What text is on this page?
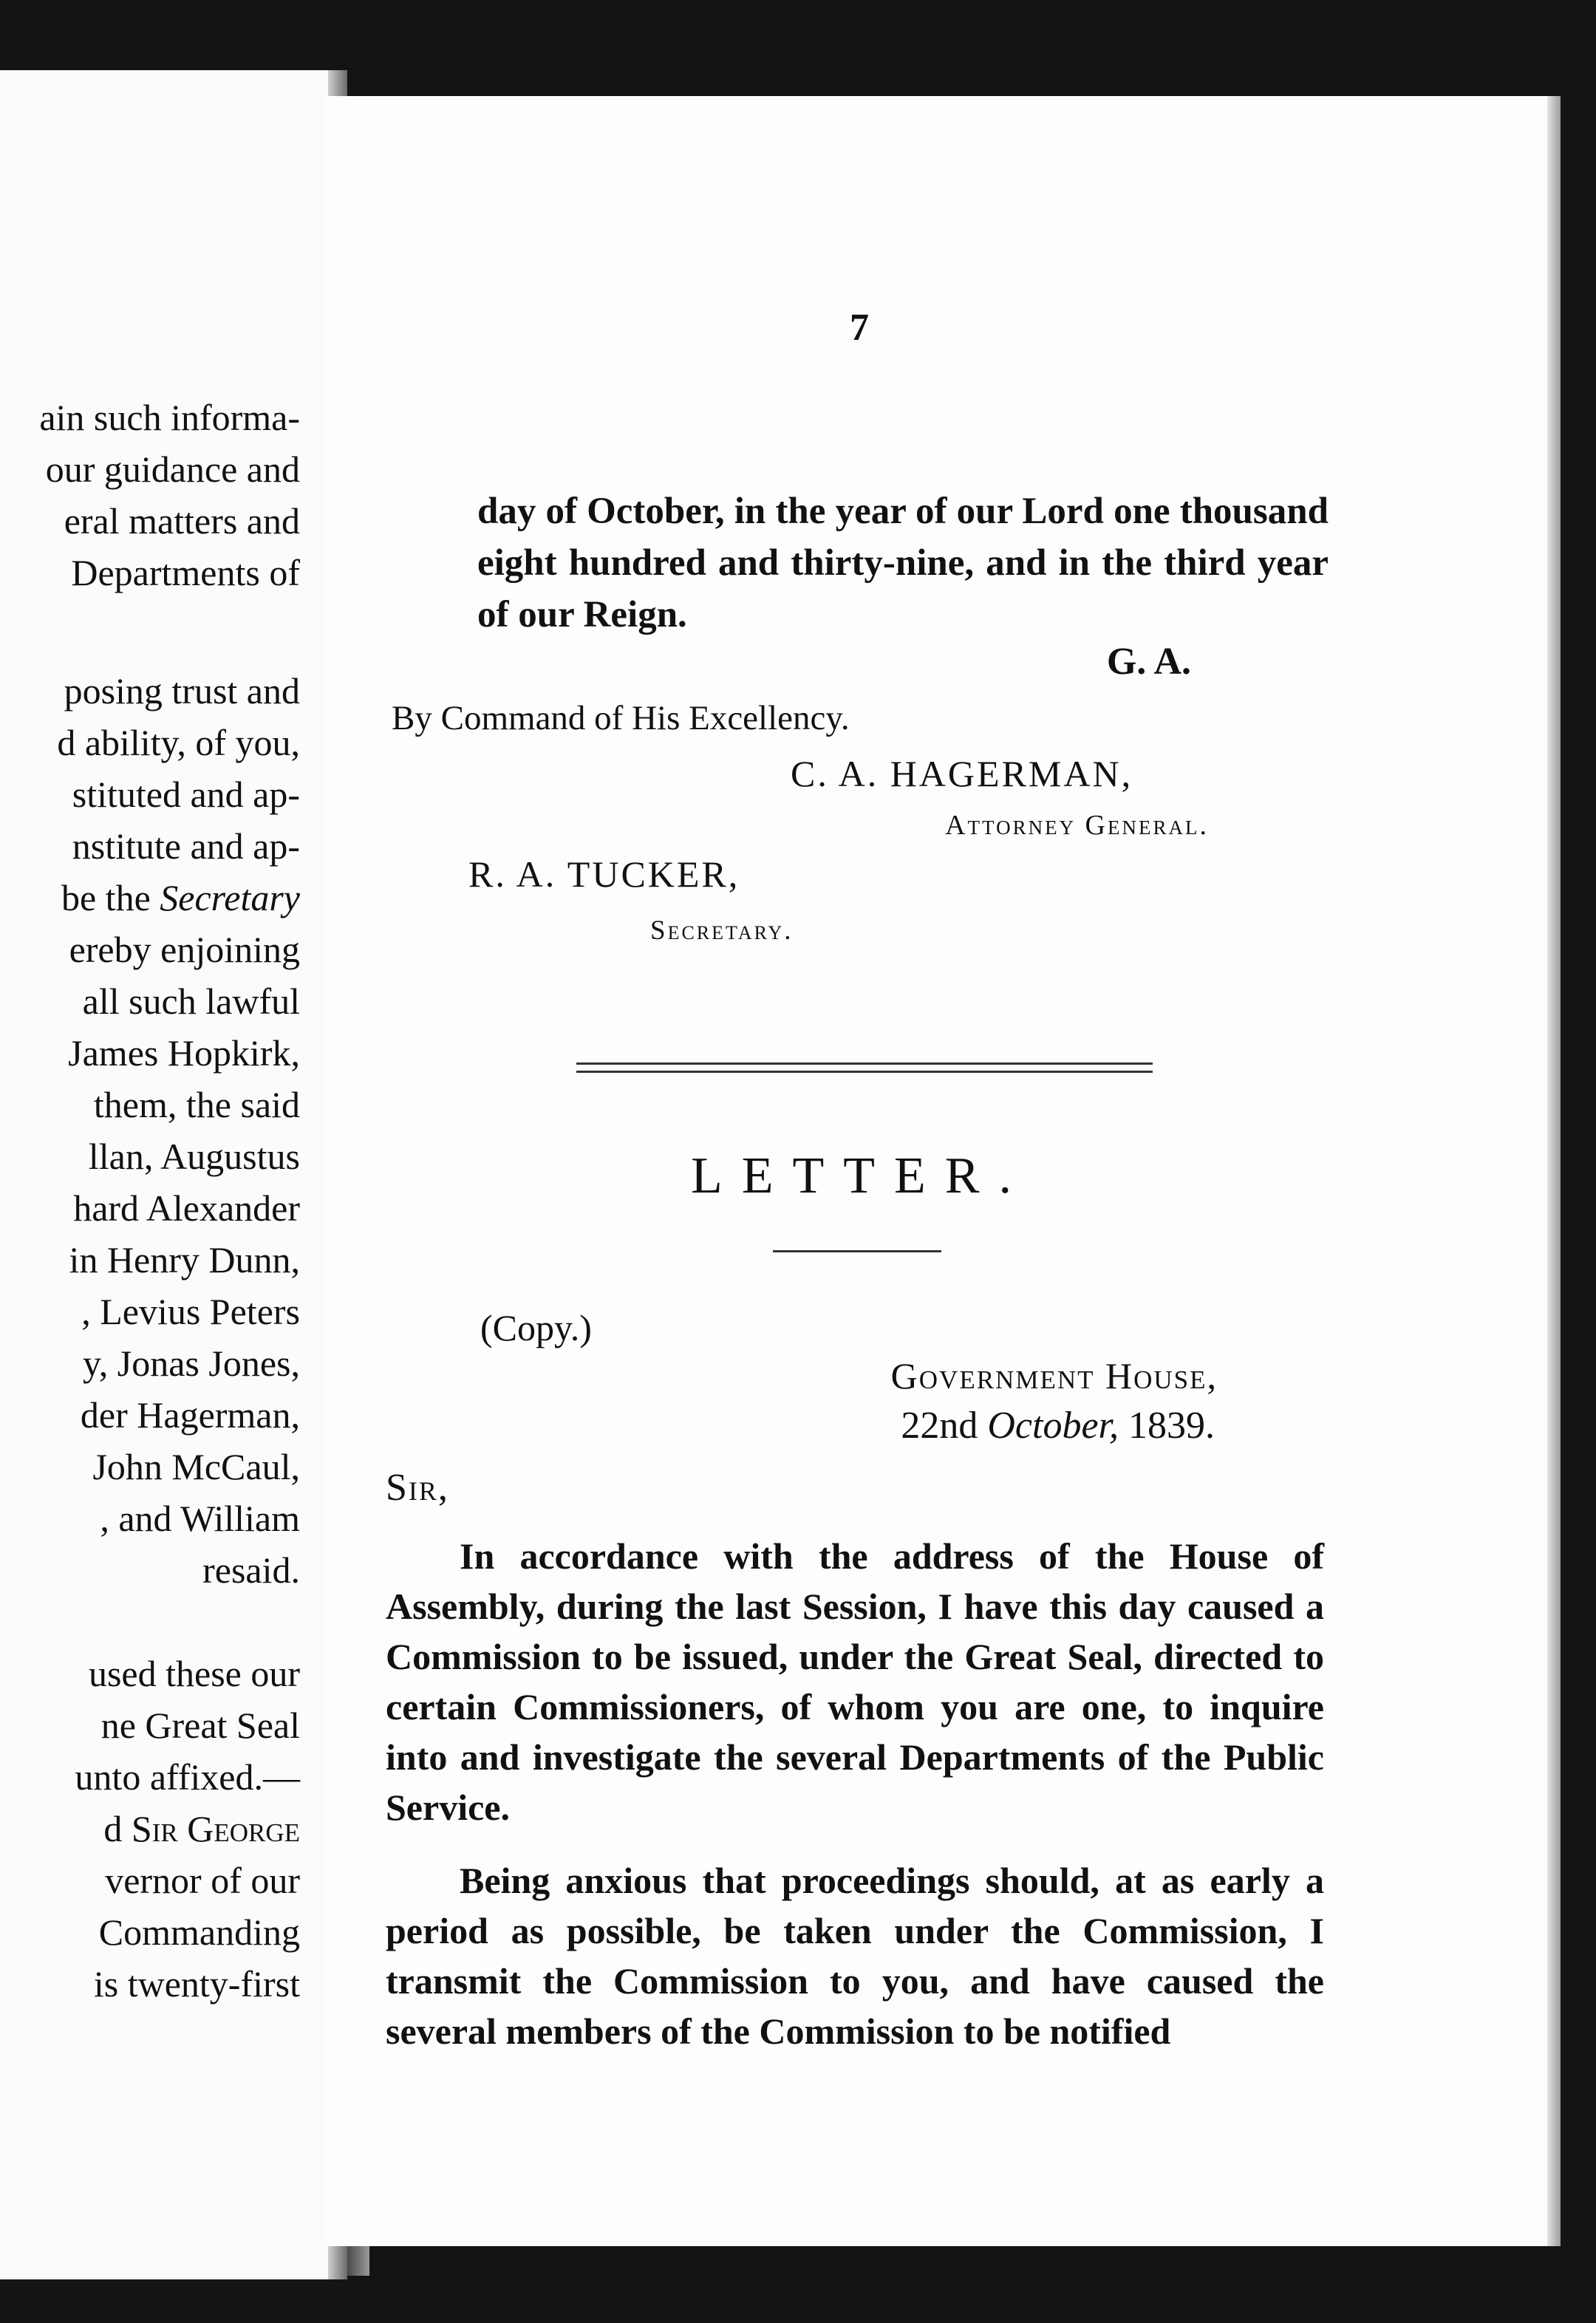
ain such informa-
our guidance and
eral matters and
Departments of
posing trust and
d ability, of you,
stituted and ap-
nstitute and ap-
be the Secretary
ereby enjoining
all such lawful
James Hopkirk,
them, the said
llan, Augustus
hard Alexander
in Henry Dunn,
, Levius Peters
y, Jonas Jones,
der Hagerman,
John McCaul,
, and William
resaid.
used these our
ne Great Seal
unto affixed.—
d Sir George
vernor of our
Commanding
is twenty-first
7
day of October, in the year of our Lord one thousand eight hundred and thirty-nine, and in the third year of our Reign.
G. A.
By Command of His Excellency.
C. A. HAGERMAN,
Attorney General.
R. A. TUCKER,
Secretary.
LETTER.
(Copy.)
Government House,
22nd October, 1839.
Sir,
In accordance with the address of the House of Assembly, during the last Session, I have this day caused a Commission to be issued, under the Great Seal, directed to certain Commissioners, of whom you are one, to inquire into and investigate the several Departments of the Public Service.
Being anxious that proceedings should, at as early a period as possible, be taken under the Commission, I transmit the Commission to you, and have caused the several members of the Commission to be notified
